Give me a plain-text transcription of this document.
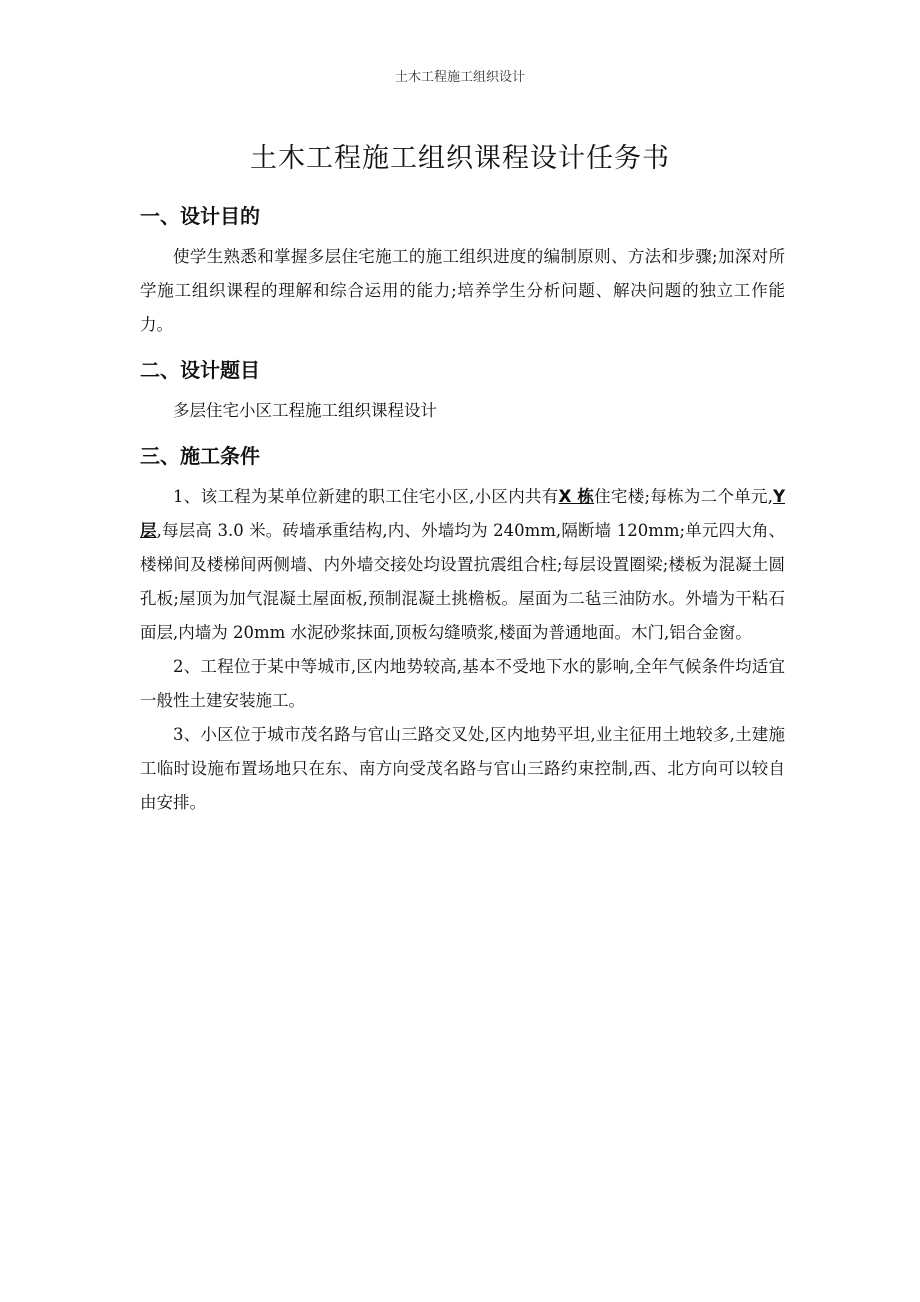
土木工程施工组织设计
土木工程施工组织课程设计任务书
一、设计目的

使学生熟悉和掌握多层住宅施工的施工组织进度的编制原则、方法和步骤;加深对所学施工组织课程的理解和综合运用的能力;培养学生分析问题、解决问题的独立工作能力。

二、设计题目

多层住宅小区工程施工组织课程设计

三、施工条件

1、该工程为某单位新建的职工住宅小区,小区内共有X 栋住宅楼;每栋为二个单元,Y 层,每层高 3.0 米。砖墙承重结构,内、外墙均为 240mm,隔断墙 120mm;单元四大角、楼梯间及楼梯间两侧墙、内外墙交接处均设置抗震组合柱;每层设置圈梁;楼板为混凝土圆孔板;屋顶为加气混凝土屋面板,预制混凝土挑檐板。屋面为二毡三油防水。外墙为干粘石面层,内墙为 20mm 水泥砂浆抹面,顶板勾缝喷浆,楼面为普通地面。木门,铝合金窗。

2、工程位于某中等城市,区内地势较高,基本不受地下水的影响,全年气候条件均适宜一般性土建安装施工。

3、小区位于城市茂名路与官山三路交叉处,区内地势平坦,业主征用土地较多,土建施工临时设施布置场地只在东、南方向受茂名路与官山三路约束控制,西、北方向可以较自由安排。
